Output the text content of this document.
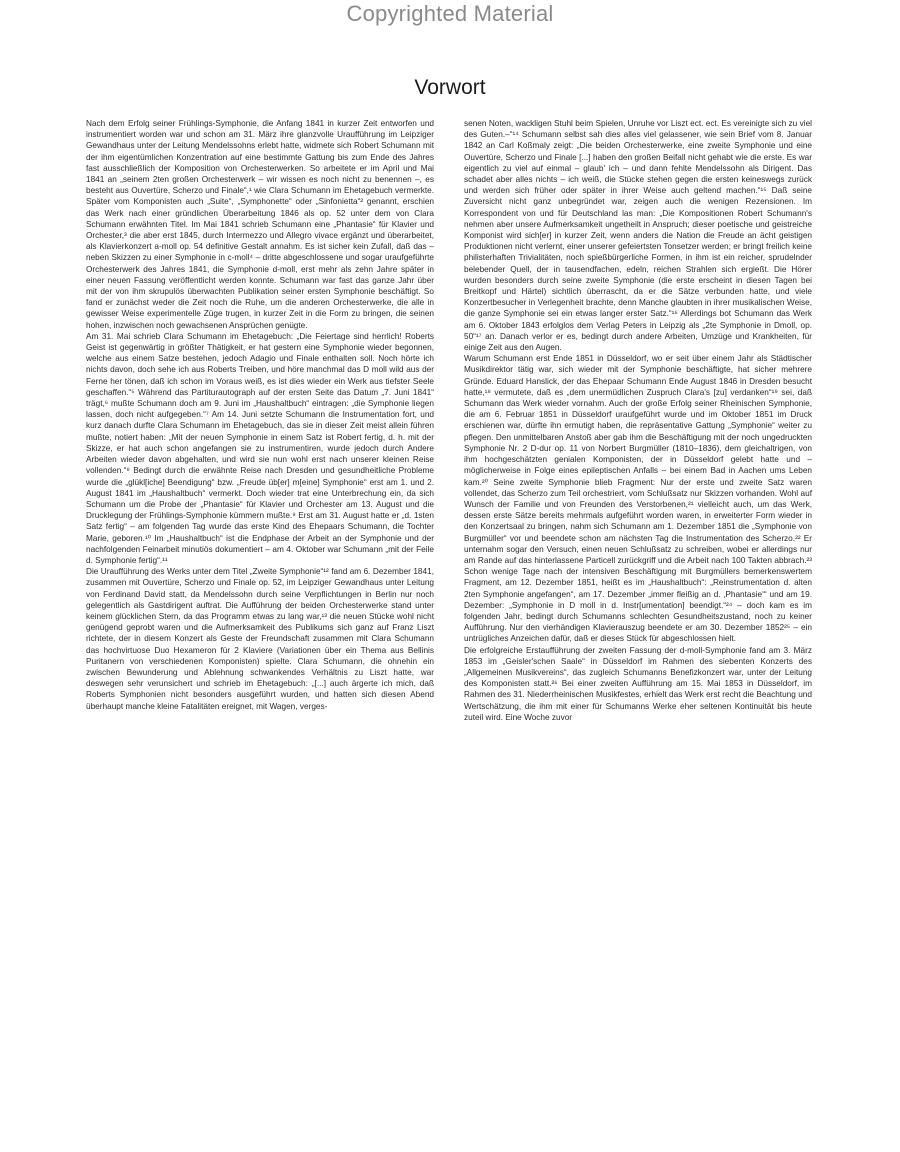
Copyrighted Material
Vorwort

Nach dem Erfolg seiner Frühlings-Symphonie, die Anfang 1841 in kurzer Zeit entworfen und instrumentiert worden war und schon am 31. März ihre glanzvolle Uraufführung im Leipziger Gewandhaus unter der Leitung Mendelssohns erlebt hatte, widmete sich Robert Schumann mit der ihm eigentümlichen Konzentration auf eine bestimmte Gattung bis zum Ende des Jahres fast ausschließlich der Komposition von Orchesterwerken. So arbeitete er im April und Mai 1841 an „seinem 2ten großen Orchesterwerk – wir wissen es noch nicht zu benennen –, es besteht aus Ouvertüre, Scherzo und Finale“,¹ wie Clara Schumann im Ehetagebuch vermerkte. Später vom Komponisten auch „Suite“, „Symphonette“ oder „Sinfonietta“² genannt, erschien das Werk nach einer gründlichen Überarbeitung 1846 als op. 52 unter dem von Clara Schumann erwähnten Titel. Im Mai 1841 schrieb Schumann eine „Phantasie“ für Klavier und Orchester,³ die aber erst 1845, durch Intermezzo und Allegro vivace ergänzt und überarbeitet, als Klavierkonzert a-moll op. 54 definitive Gestalt annahm. Es ist sicher kein Zufall, daß das – neben Skizzen zu einer Symphonie in c-moll⁴ – dritte abgeschlossene und sogar uraufgeführte Orchesterwerk des Jahres 1841, die Symphonie d-moll, erst mehr als zehn Jahre später in einer neuen Fassung veröffentlicht werden konnte. Schumann war fast das ganze Jahr über mit der von ihm skrupulös überwachten Publikation seiner ersten Symphonie beschäftigt. So fand er zunächst weder die Zeit noch die Ruhe, um die anderen Orchesterwerke, die alle in gewisser Weise experimentelle Züge trugen, in kurzer Zeit in die Form zu bringen, die seinen hohen, inzwischen noch gewachsenen Ansprüchen genügte.

Am 31. Mai schrieb Clara Schumann im Ehetagebuch: „Die Feiertage sind herrlich! Roberts Geist ist gegenwärtig in größter Thätigkeit, er hat gestern eine Symphonie wieder begonnen, welche aus einem Satze bestehen, jedoch Adagio und Finale enthalten soll. Noch hörte ich nichts davon, doch sehe ich aus Roberts Treiben, und höre manchmal das D moll wild aus der Ferne her tönen, daß ich schon im Voraus weiß, es ist dies wieder ein Werk aus tiefster Seele geschaffen.“⁵ Während das Partiturautograph auf der ersten Seite das Datum „7. Juni 1841“ trägt,⁶ mußte Schumann doch am 9. Juni im „Haushaltbuch“ eintragen: „die Symphonie liegen lassen, doch nicht aufgegeben.“⁷ Am 14. Juni setzte Schumann die Instrumentation fort, und kurz danach durfte Clara Schumann im Ehetagebuch, das sie in dieser Zeit meist allein führen mußte, notiert haben: „Mit der neuen Symphonie in einem Satz ist Robert fertig, d. h. mit der Skizze, er hat auch schon angefangen sie zu instrumentiren, wurde jedoch durch Andere Arbeiten wieder davon abgehalten, und wird sie nun wohl erst nach unserer kleinen Reise vollenden.“⁸ Bedingt durch die erwähnte Reise nach Dresden und gesundheitliche Probleme wurde die „glükl[iche] Beendigung“ bzw. „Freude üb[er] m[eine] Symphonie“ erst am 1. und 2. August 1841 im „Haushaltbuch“ vermerkt. Doch wieder trat eine Unterbrechung ein, da sich Schumann um die Probe der „Phantasie“ für Klavier und Orchester am 13. August und die Drucklegung der Frühlings-Symphonie kümmern mußte.⁹ Erst am 31. August hatte er „d. 1sten Satz fertig“ – am folgenden Tag wurde das erste Kind des Ehepaars Schumann, die Tochter Marie, geboren.¹⁰ Im „Haushaltbuch“ ist die Endphase der Arbeit an der Symphonie und der nachfolgenden Feinarbeit minutiös dokumentiert – am 4. Oktober war Schumann „mit der Feile d. Symphonie fertig“.¹¹

Die Uraufführung des Werks unter dem Titel „Zweite Symphonie“¹² fand am 6. Dezember 1841, zusammen mit Ouvertüre, Scherzo und Finale op. 52, im Leipziger Gewandhaus unter Leitung von Ferdinand David statt, da Mendelssohn durch seine Verpflichtungen in Berlin nur noch gelegentlich als Gastdirigent auftrat. Die Aufführung der beiden Orchesterwerke stand unter keinem glücklichen Stern, da das Programm etwas zu lang war,¹³ die neuen Stücke wohl nicht genügend geprobt waren und die Aufmerksamkeit des Publikums sich ganz auf Franz Liszt richtete, der in diesem Konzert als Geste der Freundschaft zusammen mit Clara Schumann das hochvirtuose Duo Hexameron für 2 Klaviere (Variationen über ein Thema aus Bellinis Puritanern von verschiedenen Komponisten) spielte. Clara Schumann, die ohnehin ein zwischen Bewunderung und Ablehnung schwankendes Verhältnis zu Liszt hatte, war deswegen sehr verunsichert und schrieb im Ehetagebuch: „[...] auch ärgerte ich mich, daß Roberts Symphonien nicht besonders ausgeführt wurden, und hatten sich diesen Abend überhaupt manche kleine Fatalitäten ereignet, mit Wagen, verges-

senen Noten, wackligen Stuhl beim Spielen, Unruhe vor Liszt ect. ect. Es vereinigte sich zu viel des Guten.–“¹⁴ Schumann selbst sah dies alles viel gelassener, wie sein Brief vom 8. Januar 1842 an Carl Koßmaly zeigt: „Die beiden Orchesterwerke, eine zweite Symphonie und eine Ouvertüre, Scherzo und Finale [...] haben den großen Beifall nicht gehabt wie die erste. Es war eigentlich zu viel auf einmal – glaub' ich – und dann fehlte Mendelssohn als Dirigent. Das schadet aber alles nichts – ich weiß, die Stücke stehen gegen die ersten keineswegs zurück und werden sich früher oder später in ihrer Weise auch geltend machen.“¹⁵ Daß seine Zuversicht nicht ganz unbegründet war, zeigen auch die wenigen Rezensionen. Im Korrespondent von und für Deutschland las man: „Die Kompositionen Robert Schumann's nehmen aber unsere Aufmerksamkeit ungetheilt in Anspruch; dieser poetische und geistreiche Komponist wird sich[er] in kurzer Zeit, wenn anders die Nation die Freude an ächt geistigen Produktionen nicht verlernt, einer unserer gefeiertsten Tonsetzer werden; er bringt freilich keine philisterhaften Trivialitäten, noch spießbürgerliche Formen, in ihm ist ein reicher, sprudelnder belebender Quell, der in tausendfachen, edeln, reichen Strahlen sich ergießt. Die Hörer wurden besonders durch seine zweite Symphonie (die erste erscheint in diesen Tagen bei Breitkopf und Härtel) sichtlich überrascht, da er die Sätze verbunden hatte, und viele Konzertbesucher in Verlegenheit brachte, denn Manche glaubten in ihrer musikalischen Weise, die ganze Symphonie sei ein etwas langer erster Satz.“¹⁶ Allerdings bot Schumann das Werk am 6. Oktober 1843 erfolglos dem Verlag Peters in Leipzig als „2te Symphonie in Dmoll, op. 50“¹⁷ an. Danach verlor er es, bedingt durch andere Arbeiten, Umzüge und Krankheiten, für einige Zeit aus den Augen.

Warum Schumann erst Ende 1851 in Düsseldorf, wo er seit über einem Jahr als Städtischer Musikdirektor tätig war, sich wieder mit der Symphonie beschäftigte, hat sicher mehrere Gründe. Eduard Hanslick, der das Ehepaar Schumann Ende August 1846 in Dresden besucht hatte,¹⁸ vermutete, daß es „dem unermüdlichen Zuspruch Clara's [zu] verdanken“¹⁹ sei, daß Schumann das Werk wieder vornahm. Auch der große Erfolg seiner Rheinischen Symphonie, die am 6. Februar 1851 in Düsseldorf uraufgeführt wurde und im Oktober 1851 im Druck erschienen war, dürfte ihn ermutigt haben, die repräsentative Gattung „Symphonie“ weiter zu pflegen. Den unmittelbaren Anstoß aber gab ihm die Beschäftigung mit der noch ungedruckten Symphonie Nr. 2 D-dur op. 11 von Norbert Burgmüller (1810–1836), dem gleichaltrigen, von ihm hochgeschätzten genialen Komponisten, der in Düsseldorf gelebt hatte und – möglicherweise in Folge eines epileptischen Anfalls – bei einem Bad in Aachen ums Leben kam.²⁰ Seine zweite Symphonie blieb Fragment: Nur der erste und zweite Satz waren vollendet, das Scherzo zum Teil orchestriert, vom Schlußsatz nur Skizzen vorhanden. Wohl auf Wunsch der Familie und von Freunden des Verstorbenen,²¹ vielleicht auch, um das Werk, dessen erste Sätze bereits mehrmals aufgeführt worden waren, in erweiterter Form wieder in den Konzertsaal zu bringen, nahm sich Schumann am 1. Dezember 1851 die „Symphonie von Burgmüller“ vor und beendete schon am nächsten Tag die Instrumentation des Scherzo.²² Er unternahm sogar den Versuch, einen neuen Schlußsatz zu schreiben, wobei er allerdings nur am Rande auf das hinterlassene Particell zurückgriff und die Arbeit nach 100 Takten abbrach.²³ Schon wenige Tage nach der intensiven Beschäftigung mit Burgmüllers bemerkenswertem Fragment, am 12. Dezember 1851, heißt es im „Haushaltbuch“: „Reinstrumentation d. alten 2ten Symphonie angefangen“, am 17. Dezember „immer fleißig an d. ‚Phantasie‘“ und am 19. Dezember: „Symphonie in D moll in d. Instr[umentation] beendigt.“²⁴ – doch kam es im folgenden Jahr, bedingt durch Schumanns schlechten Gesundheitszustand, noch zu keiner Aufführung. Nur den vierhändigen Klavierauszug beendete er am 30. Dezember 1852²⁵ – ein untrügliches Anzeichen dafür, daß er dieses Stück für abgeschlossen hielt.

Die erfolgreiche Erstaufführung der zweiten Fassung der d-moll-Symphonie fand am 3. März 1853 im „Geisler'schen Saale“ in Düsseldorf im Rahmen des siebenten Konzerts des „Allgemeinen Musikvereins“, das zugleich Schumanns Benefizkonzert war, unter der Leitung des Komponisten statt.²⁶ Bei einer zweiten Aufführung am 15. Mai 1853 in Düsseldorf, im Rahmen des 31. Niederrheinischen Musikfestes, erhielt das Werk erst recht die Beachtung und Wertschätzung, die ihm mit einer für Schumanns Werke eher seltenen Kontinuität bis heute zuteil wird. Eine Woche zuvor
